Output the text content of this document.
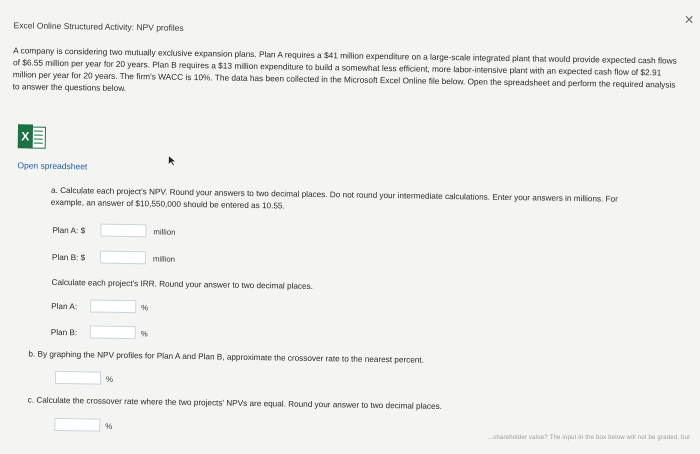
×
Excel Online Structured Activity: NPV profiles
A company is considering two mutually exclusive expansion plans. Plan A requires a $41 million expenditure on a large-scale integrated plant that would provide expected cash flows of $6.55 million per year for 20 years. Plan B requires a $13 million expenditure to build a somewhat less efficient, more labor-intensive plant with an expected cash flow of $2.91 million per year for 20 years. The firm's WACC is 10%. The data has been collected in the Microsoft Excel Online file below. Open the spreadsheet and perform the required analysis to answer the questions below.
X
Open spreadsheet
a. Calculate each project's NPV. Round your answers to two decimal places. Do not round your intermediate calculations. Enter your answers in millions. For example, an answer of $10,550,000 should be entered as 10.55.
Plan A: $	million
Plan B: $	million
Calculate each project's IRR. Round your answer to two decimal places.
Plan A:	%
Plan B:	%
b. By graphing the NPV profiles for Plan A and Plan B, approximate the crossover rate to the nearest percent.
%
c. Calculate the crossover rate where the two projects' NPVs are equal. Round your answer to two decimal places.
%
...shareholder value? The input in the box below will not be graded, but
